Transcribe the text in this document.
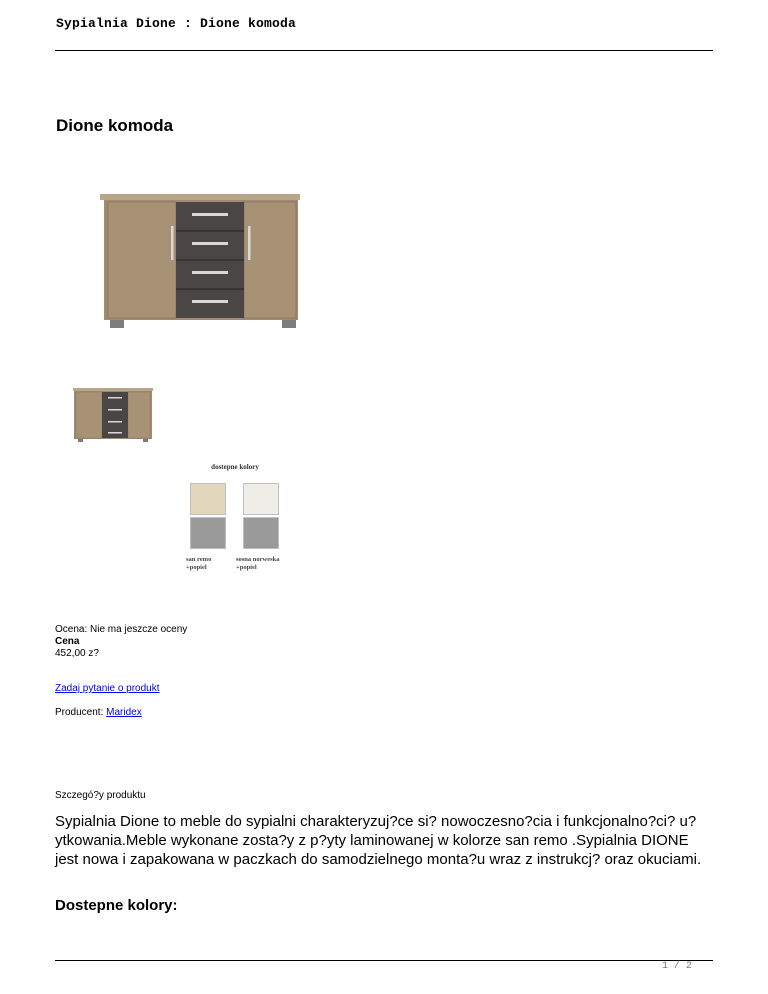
Sypialnia Dione : Dione komoda
Dione komoda
dostepne kolory
san remo
+popiel
sosna norweska
+popiel
Ocena: Nie ma jeszcze oceny
Cena
452,00 z?
Zadaj pytanie o produkt
Producent: Maridex
Szczegó?y produktu

Sypialnia Dione to meble do sypialni charakteryzuj?ce si? nowoczesno?cia i funkcjonalno?ci? u?ytkowania.Meble wykonane zosta?y z p?yty laminowanej w kolorze san remo .Sypialnia DIONE jest nowa i zapakowana w paczkach do samodzielnego monta?u wraz z instrukcj? oraz okuciami.

Dostepne kolory:
1 / 2
